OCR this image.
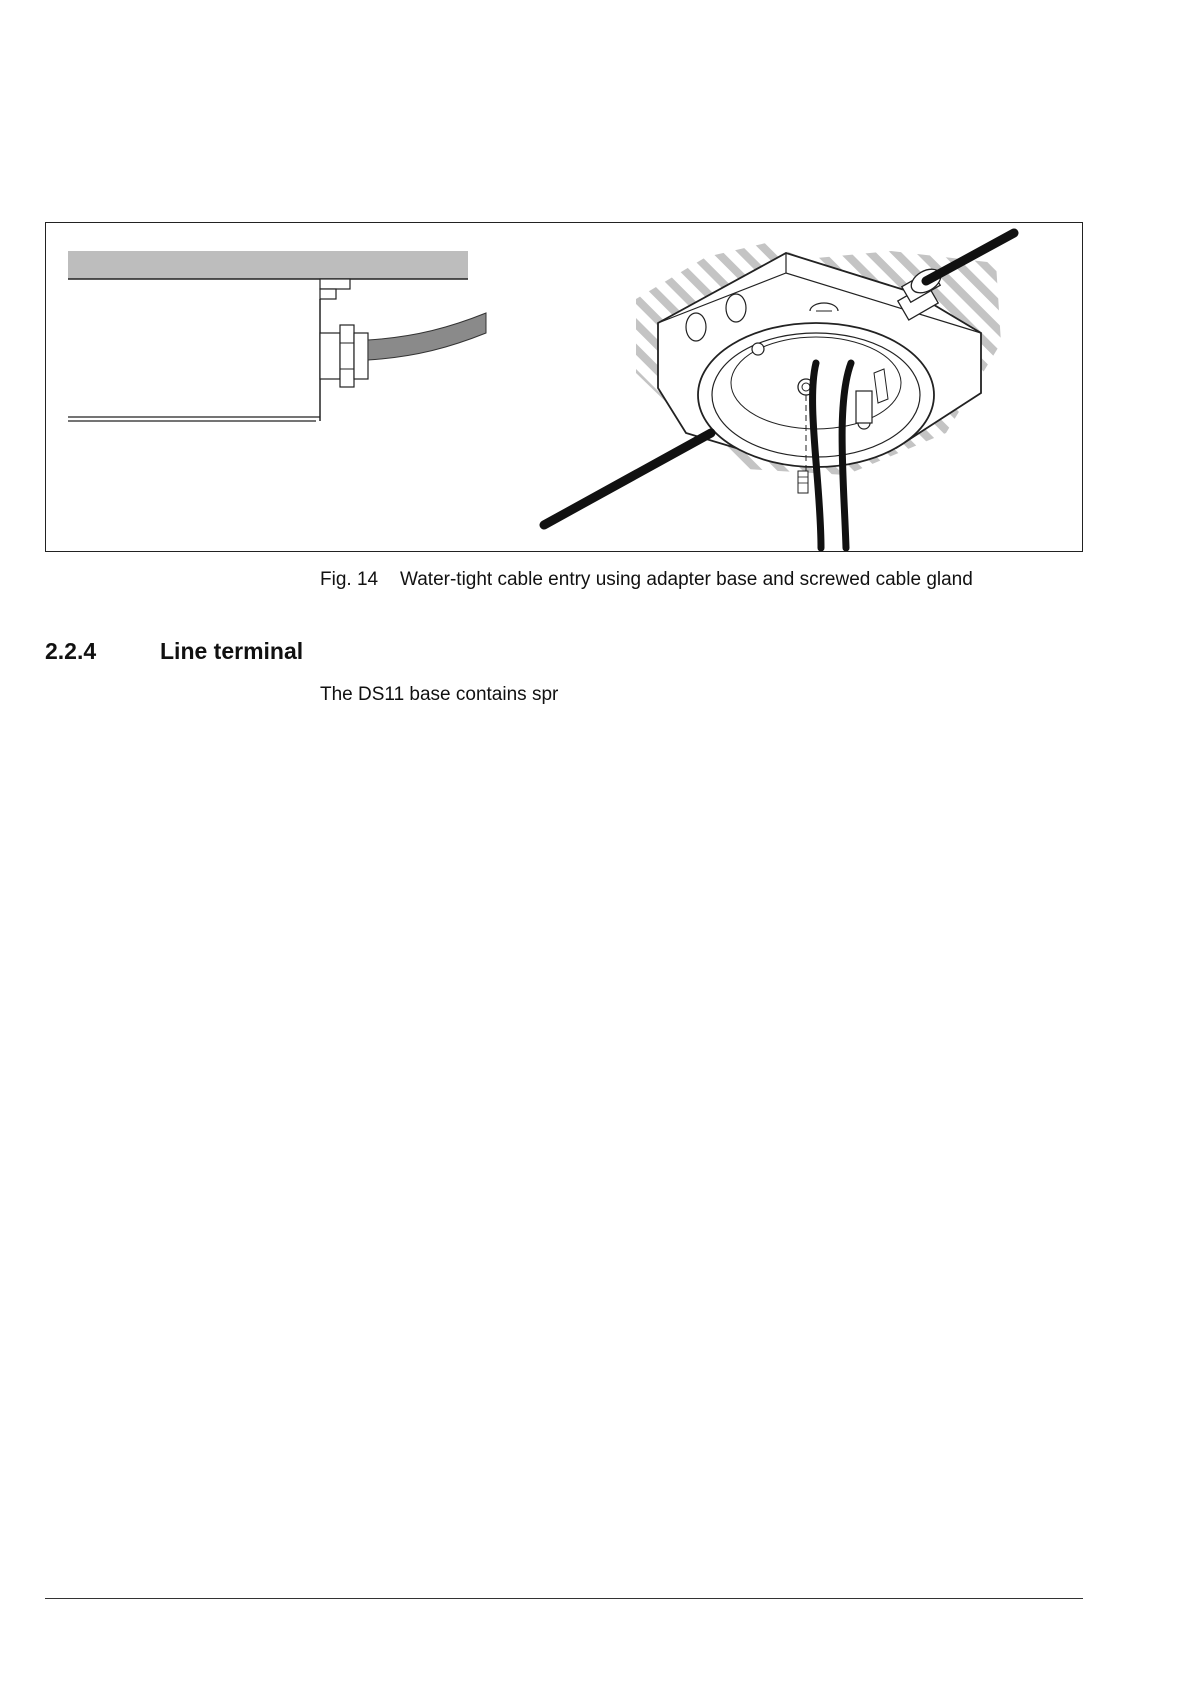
Fig. 14 Water-tight cable entry using adapter base and screwed cable gland
2.2.4	Line terminal
The DS11 base contains spr
